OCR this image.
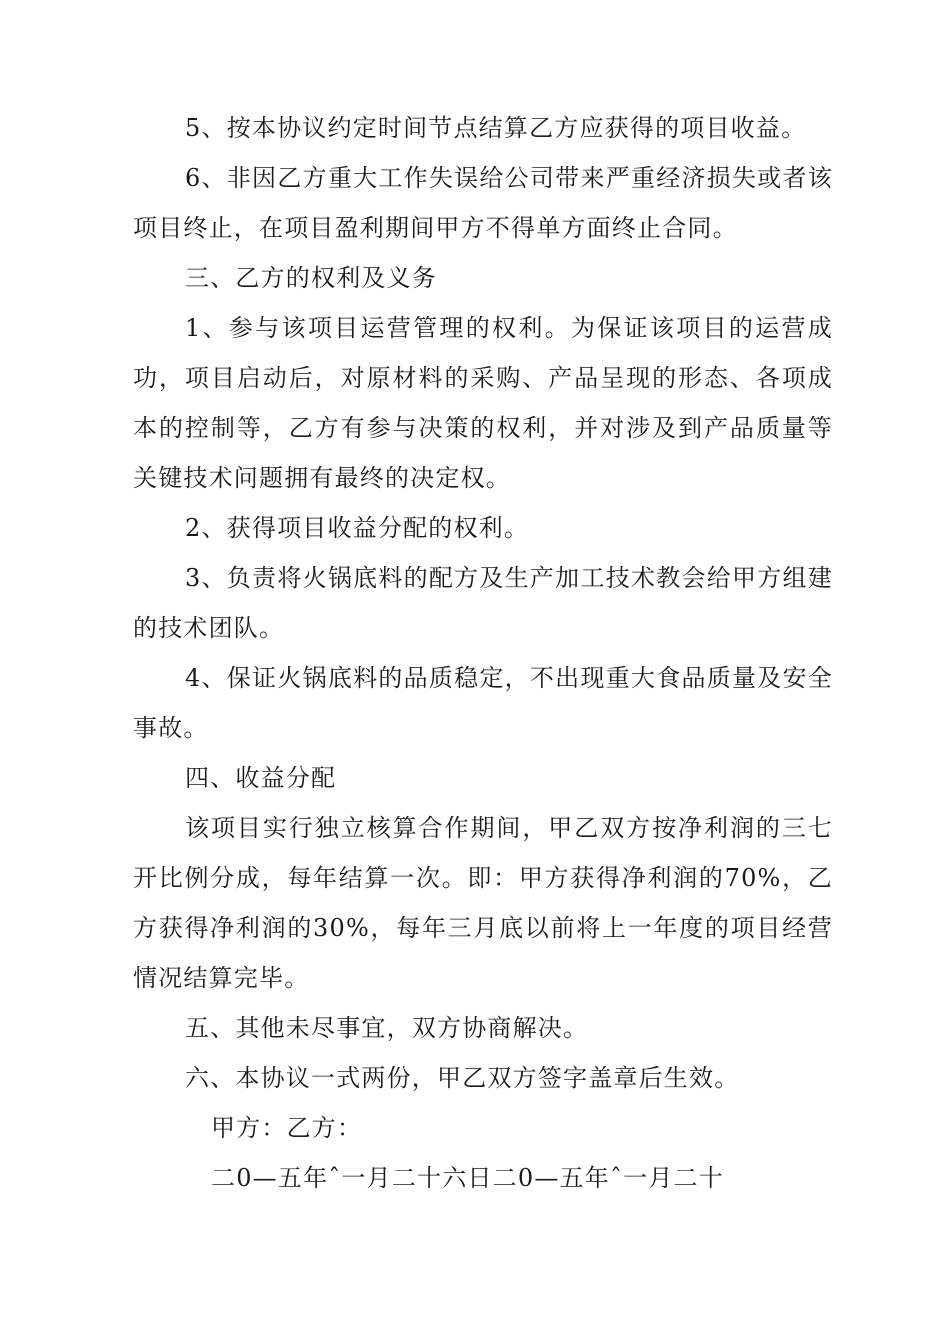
5、按本协议约定时间节点结算乙方应获得的项目收益。

6、非因乙方重大工作失误给公司带来严重经济损失或者该项目终止，在项目盈利期间甲方不得单方面终止合同。

三、乙方的权利及义务

1、参与该项目运营管理的权利。为保证该项目的运营成功，项目启动后，对原材料的采购、产品呈现的形态、各项成本的控制等，乙方有参与决策的权利，并对涉及到产品质量等关键技术问题拥有最终的决定权。

2、获得项目收益分配的权利。

3、负责将火锅底料的配方及生产加工技术教会给甲方组建的技术团队。

4、保证火锅底料的品质稳定，不出现重大食品质量及安全事故。

四、收益分配

该项目实行独立核算合作期间，甲乙双方按净利润的三七开比例分成，每年结算一次。即：甲方获得净利润的70%，乙方获得净利润的30%，每年三月底以前将上一年度的项目经营情况结算完毕。

五、其他未尽事宜，双方协商解决。

六、本协议一式两份，甲乙双方签字盖章后生效。

甲方：乙方：

二0—五年ˆ一月二十六日二0—五年ˆ一月二十
